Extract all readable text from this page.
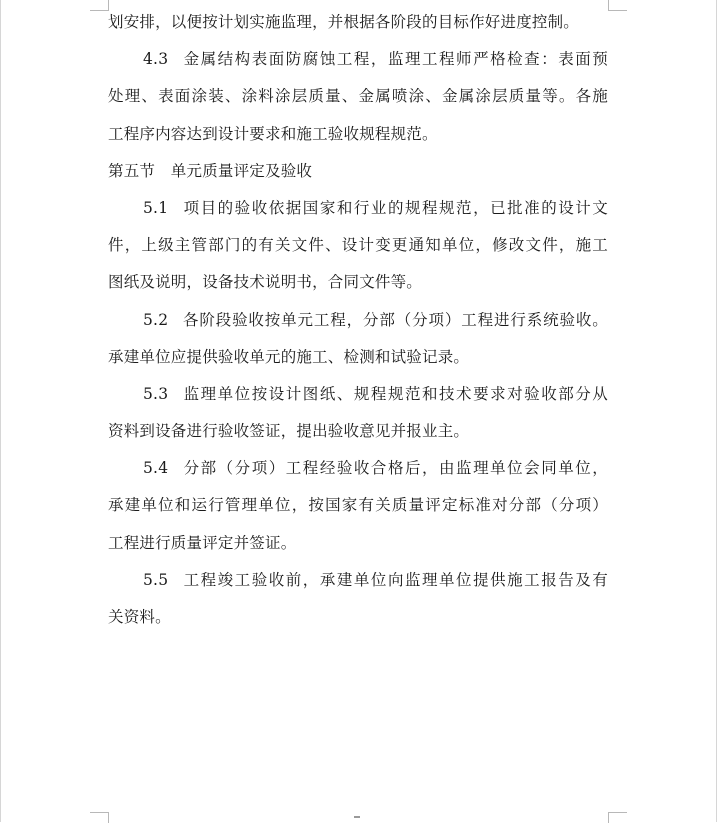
划安排，以便按计划实施监理，并根据各阶段的目标作好进度控制。
4.3 金属结构表面防腐蚀工程，监理工程师严格检查：表面预
处理、表面涂装、涂料涂层质量、金属喷涂、金属涂层质量等。各施
工程序内容达到设计要求和施工验收规程规范。
第五节　单元质量评定及验收
5.1 项目的验收依据国家和行业的规程规范，已批准的设计文
件，上级主管部门的有关文件、设计变更通知单位，修改文件，施工
图纸及说明，设备技术说明书，合同文件等。
5.2 各阶段验收按单元工程，分部（分项）工程进行系统验收。
承建单位应提供验收单元的施工、检测和试验记录。
5.3 监理单位按设计图纸、规程规范和技术要求对验收部分从
资料到设备进行验收签证，提出验收意见并报业主。
5.4 分部（分项）工程经验收合格后，由监理单位会同单位，
承建单位和运行管理单位，按国家有关质量评定标准对分部（分项）
工程进行质量评定并签证。
5.5 工程竣工验收前，承建单位向监理单位提供施工报告及有
关资料。
